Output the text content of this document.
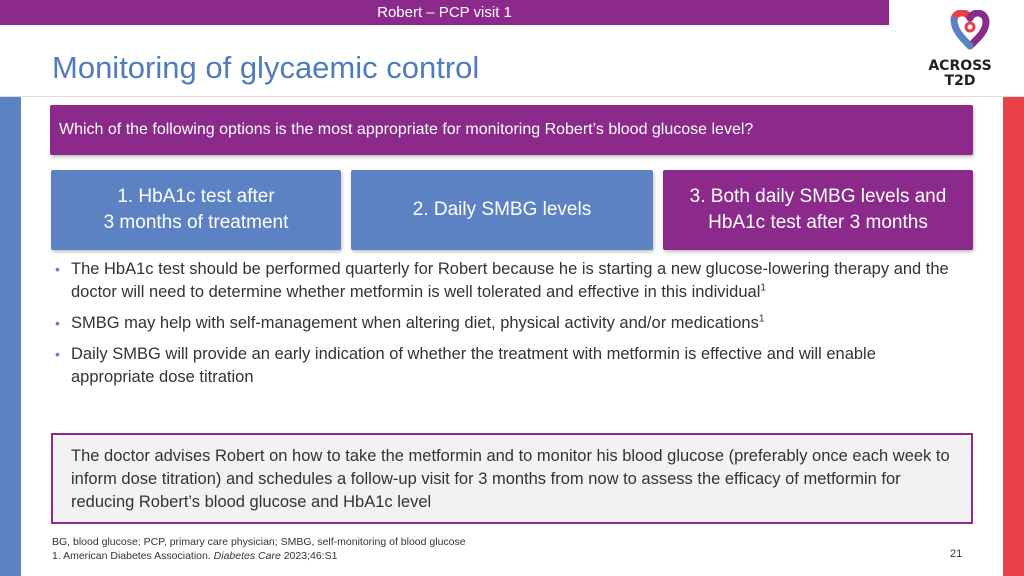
Robert – PCP visit 1
ACROSS
T2D
Monitoring of glycaemic control
Which of the following options is the most appropriate for monitoring Robert’s blood glucose level?
1. HbA1c test after
3 months of treatment
2. Daily SMBG levels
3. Both daily SMBG levels and
HbA1c test after 3 months
• The HbA1c test should be performed quarterly for Robert because he is starting a new glucose-lowering therapy and the doctor will need to determine whether metformin is well tolerated and effective in this individual$^1$
• SMBG may help with self-management when altering diet, physical activity and/or medications$^1$
• Daily SMBG will provide an early indication of whether the treatment with metformin is effective and will enable appropriate dose titration
The doctor advises Robert on how to take the metformin and to monitor his blood glucose (preferably once each week to inform dose titration) and schedules a follow-up visit for 3 months from now to assess the efficacy of metformin for reducing Robert’s blood glucose and HbA1c level
BG, blood glucose; PCP, primary care physician; SMBG, self-monitoring of blood glucose
1. American Diabetes Association. Diabetes Care 2023;46:S1	21
